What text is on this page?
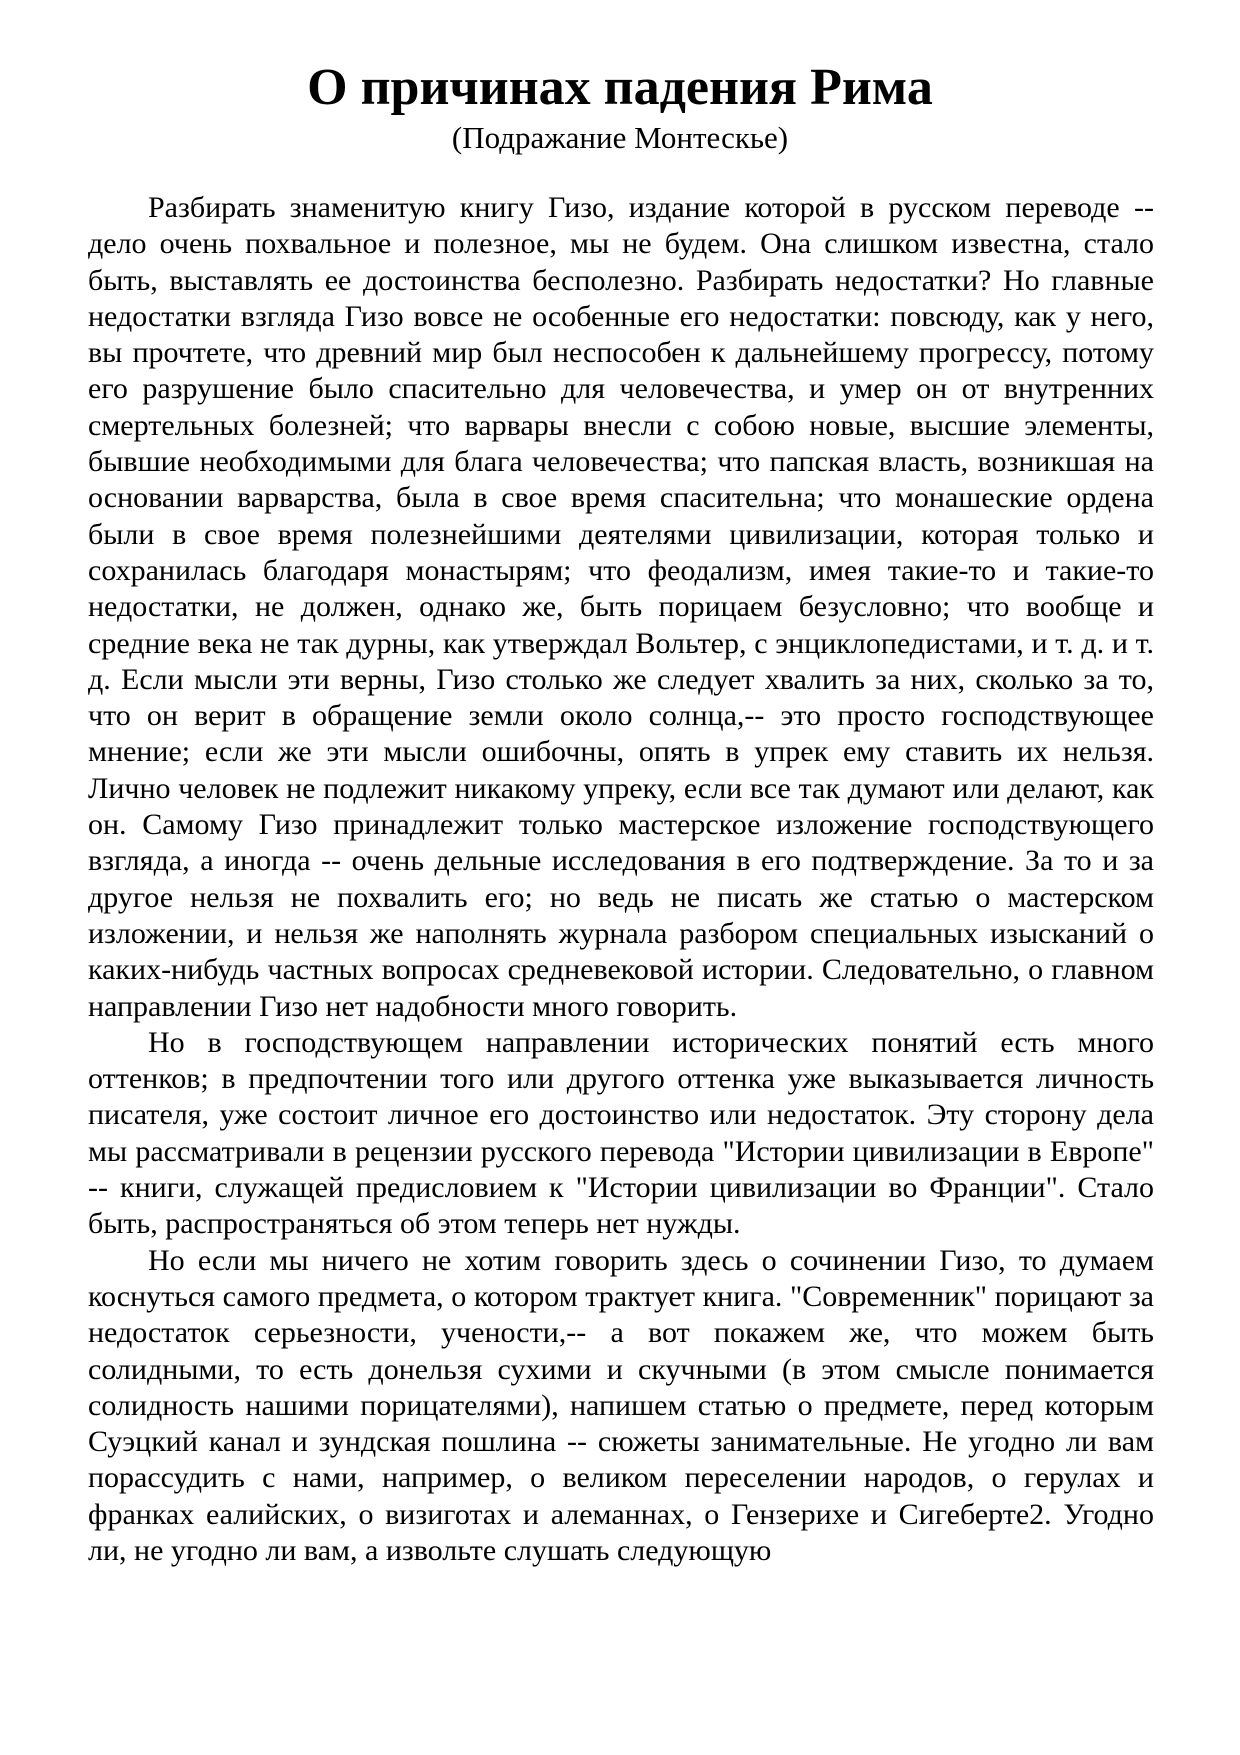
О причинах падения Рима
(Подражание Монтескье)

Разбирать знаменитую книгу Гизо, издание которой в русском переводе -- дело очень похвальное и полезное, мы не будем. Она слишком известна, стало быть, выставлять ее достоинства бесполезно. Разбирать недостатки? Но главные недостатки взгляда Гизо вовсе не особенные его недостатки: повсюду, как у него, вы прочтете, что древний мир был неспособен к дальнейшему прогрессу, потому его разрушение было спасительно для человечества, и умер он от внутренних смертельных болезней; что варвары внесли с собою новые, высшие элементы, бывшие необходимыми для блага человечества; что папская власть, возникшая на основании варварства, была в свое время спасительна; что монашеские ордена были в свое время полезнейшими деятелями цивилизации, которая только и сохранилась благодаря монастырям; что феодализм, имея такие-то и такие-то недостатки, не должен, однако же, быть порицаем безусловно; что вообще и средние века не так дурны, как утверждал Вольтер, с энциклопедистами, и т. д. и т. д. Если мысли эти верны, Гизо столько же следует хвалить за них, сколько за то, что он верит в обращение земли около солнца,-- это просто господствующее мнение; если же эти мысли ошибочны, опять в упрек ему ставить их нельзя. Лично человек не подлежит никакому упреку, если все так думают или делают, как он. Самому Гизо принадлежит только мастерское изложение господствующего взгляда, а иногда -- очень дельные исследования в его подтверждение. За то и за другое нельзя не похвалить его; но ведь не писать же статью о мастерском изложении, и нельзя же наполнять журнала разбором специальных изысканий о каких-нибудь частных вопросах средневековой истории. Следовательно, о главном направлении Гизо нет надобности много говорить.

Но в господствующем направлении исторических понятий есть много оттенков; в предпочтении того или другого оттенка уже выказывается личность писателя, уже состоит личное его достоинство или недостаток. Эту сторону дела мы рассматривали в рецензии русского перевода "Истории цивилизации в Европе" -- книги, служащей предисловием к "Истории цивилизации во Франции". Стало быть, распространяться об этом теперь нет нужды.

Но если мы ничего не хотим говорить здесь о сочинении Гизо, то думаем коснуться самого предмета, о котором трактует книга. "Современник" порицают за недостаток серьезности, учености,-- а вот покажем же, что можем быть солидными, то есть донельзя сухими и скучными (в этом смысле понимается солидность нашими порицателями), напишем статью о предмете, перед которым Суэцкий канал и зундская пошлина -- сюжеты занимательные. Не угодно ли вам порассудить с нами, например, о великом переселении народов, о герулах и франках еалийских, о визиготах и алеманнах, о Гензерихе и Сигеберте2. Угодно ли, не угодно ли вам, а извольте слушать следующую
